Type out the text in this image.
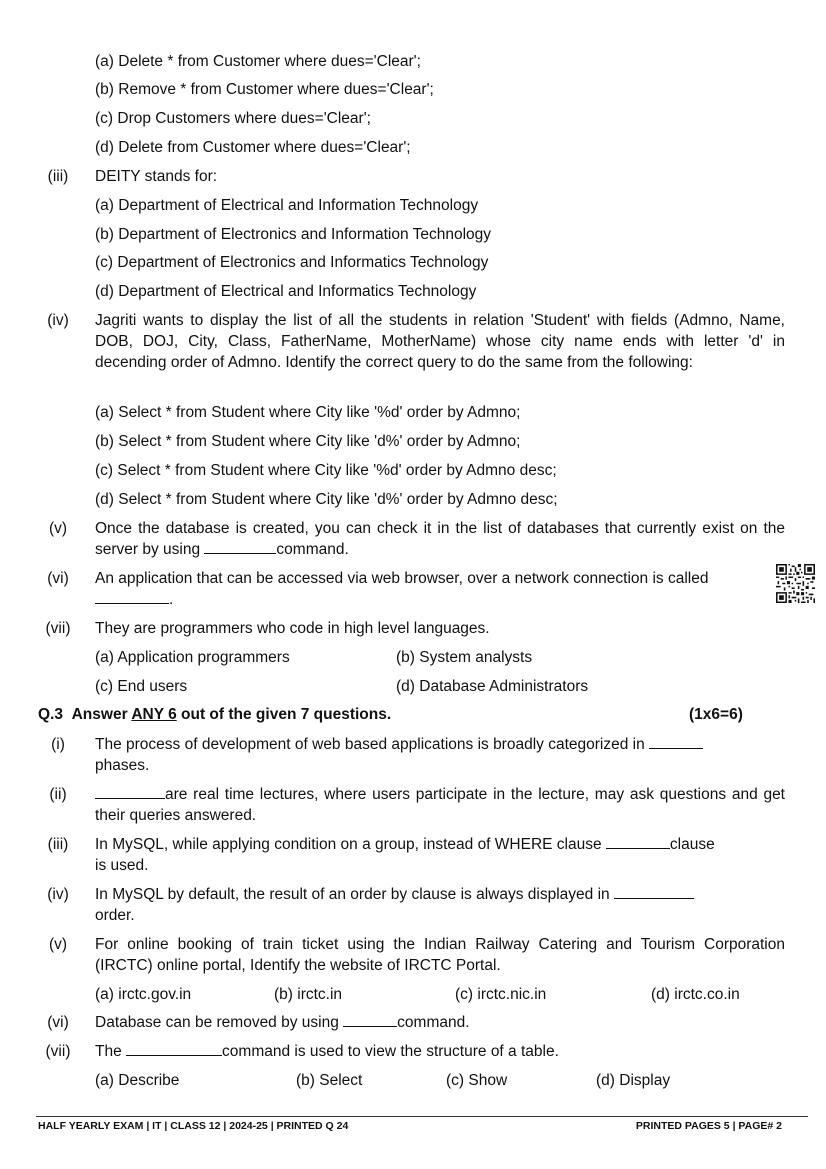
(a) Delete * from Customer where dues='Clear';
(b) Remove * from Customer where dues='Clear';
(c) Drop Customers where dues='Clear';
(d) Delete from Customer where dues='Clear';
(iii)	DEITY stands for:
(a) Department of Electrical and Information Technology
(b) Department of Electronics and Information Technology
(c) Department of Electronics and Informatics Technology
(d) Department of Electrical and Informatics Technology
(iv)	Jagriti wants to display the list of all the students in relation 'Student' with fields (Admno, Name, DOB, DOJ, City, Class, FatherName, MotherName) whose city name ends with letter 'd' in decending order of Admno. Identify the correct query to do the same from the following:
(a) Select * from Student where City like '%d' order by Admno;
(b) Select * from Student where City like 'd%' order by Admno;
(c) Select * from Student where City like '%d' order by Admno desc;
(d) Select * from Student where City like 'd%' order by Admno desc;
(v)	Once the database is created, you can check it in the list of databases that currently exist on the server by using	command.
(vi)	An application that can be accessed via web browser, over a network connection is called
.
(vii)	They are programmers who code in high level languages.
(a) Application programmers	(b) System analysts
(c) End users	(d) Database Administrators
Q.3 Answer ANY 6 out of the given 7 questions.	(1x6=6)
(i)	The process of development of web based applications is broadly categorized in
phases.
(ii)	are real time lectures, where users participate in the lecture, may ask questions and get their queries answered.
(iii)	In MySQL, while applying condition on a group, instead of WHERE clause	clause
is used.
(iv)	In MySQL by default, the result of an order by clause is always displayed in
order.
(v)	For online booking of train ticket using the Indian Railway Catering and Tourism Corporation (IRCTC) online portal, Identify the website of IRCTC Portal.
(a) irctc.gov.in	(b) irctc.in	(c) irctc.nic.in	(d) irctc.co.in
(vi)	Database can be removed by using	command.
(vii)	The	command is used to view the structure of a table.
(a) Describe	(b) Select	(c) Show	(d) Display
HALF YEARLY EXAM | IT | CLASS 12 | 2024-25 | PRINTED Q 24	PRINTED PAGES 5 | PAGE# 2
